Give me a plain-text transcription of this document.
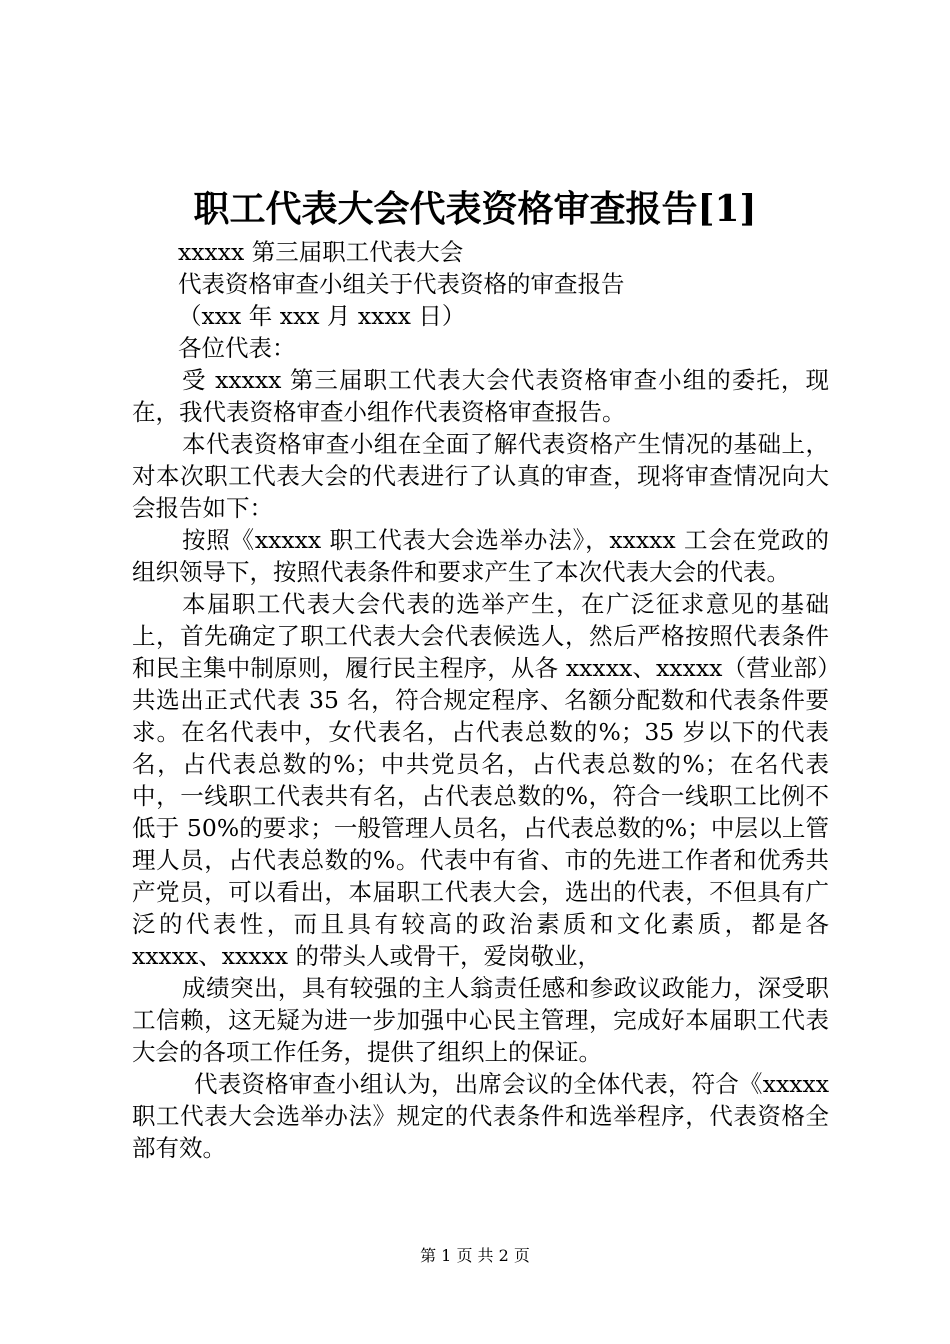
职工代表大会代表资格审查报告[1]

xxxxx 第三届职工代表大会

代表资格审查小组关于代表资格的审查报告

（xxx 年 xxx 月 xxxx 日）

各位代表：

受 xxxxx 第三届职工代表大会代表资格审查小组的委托，现在，我代表资格审查小组作代表资格审查报告。

本代表资格审查小组在全面了解代表资格产生情况的基础上，对本次职工代表大会的代表进行了认真的审查，现将审查情况向大会报告如下：

按照《xxxxx 职工代表大会选举办法》，xxxxx 工会在党政的组织领导下，按照代表条件和要求产生了本次代表大会的代表。

本届职工代表大会代表的选举产生，在广泛征求意见的基础上，首先确定了职工代表大会代表候选人，然后严格按照代表条件和民主集中制原则，履行民主程序，从各 xxxxx、xxxxx（营业部）共选出正式代表 35 名，符合规定程序、名额分配数和代表条件要求。在名代表中，女代表名，占代表总数的%；35 岁以下的代表名，占代表总数的%；中共党员名，占代表总数的%；在名代表中，一线职工代表共有名，占代表总数的%，符合一线职工比例不低于 50%的要求；一般管理人员名，占代表总数的%；中层以上管理人员，占代表总数的%。代表中有省、市的先进工作者和优秀共产党员，可以看出，本届职工代表大会，选出的代表，不但具有广泛的代表性，而且具有较高的政治素质和文化素质，都是各 xxxxx、xxxxx 的带头人或骨干，爱岗敬业，

成绩突出，具有较强的主人翁责任感和参政议政能力，深受职工信赖，这无疑为进一步加强中心民主管理，完成好本届职工代表大会的各项工作任务，提供了组织上的保证。

代表资格审查小组认为，出席会议的全体代表，符合《xxxxx 职工代表大会选举办法》规定的代表条件和选举程序，代表资格全部有效。

第 1 页 共 2 页
